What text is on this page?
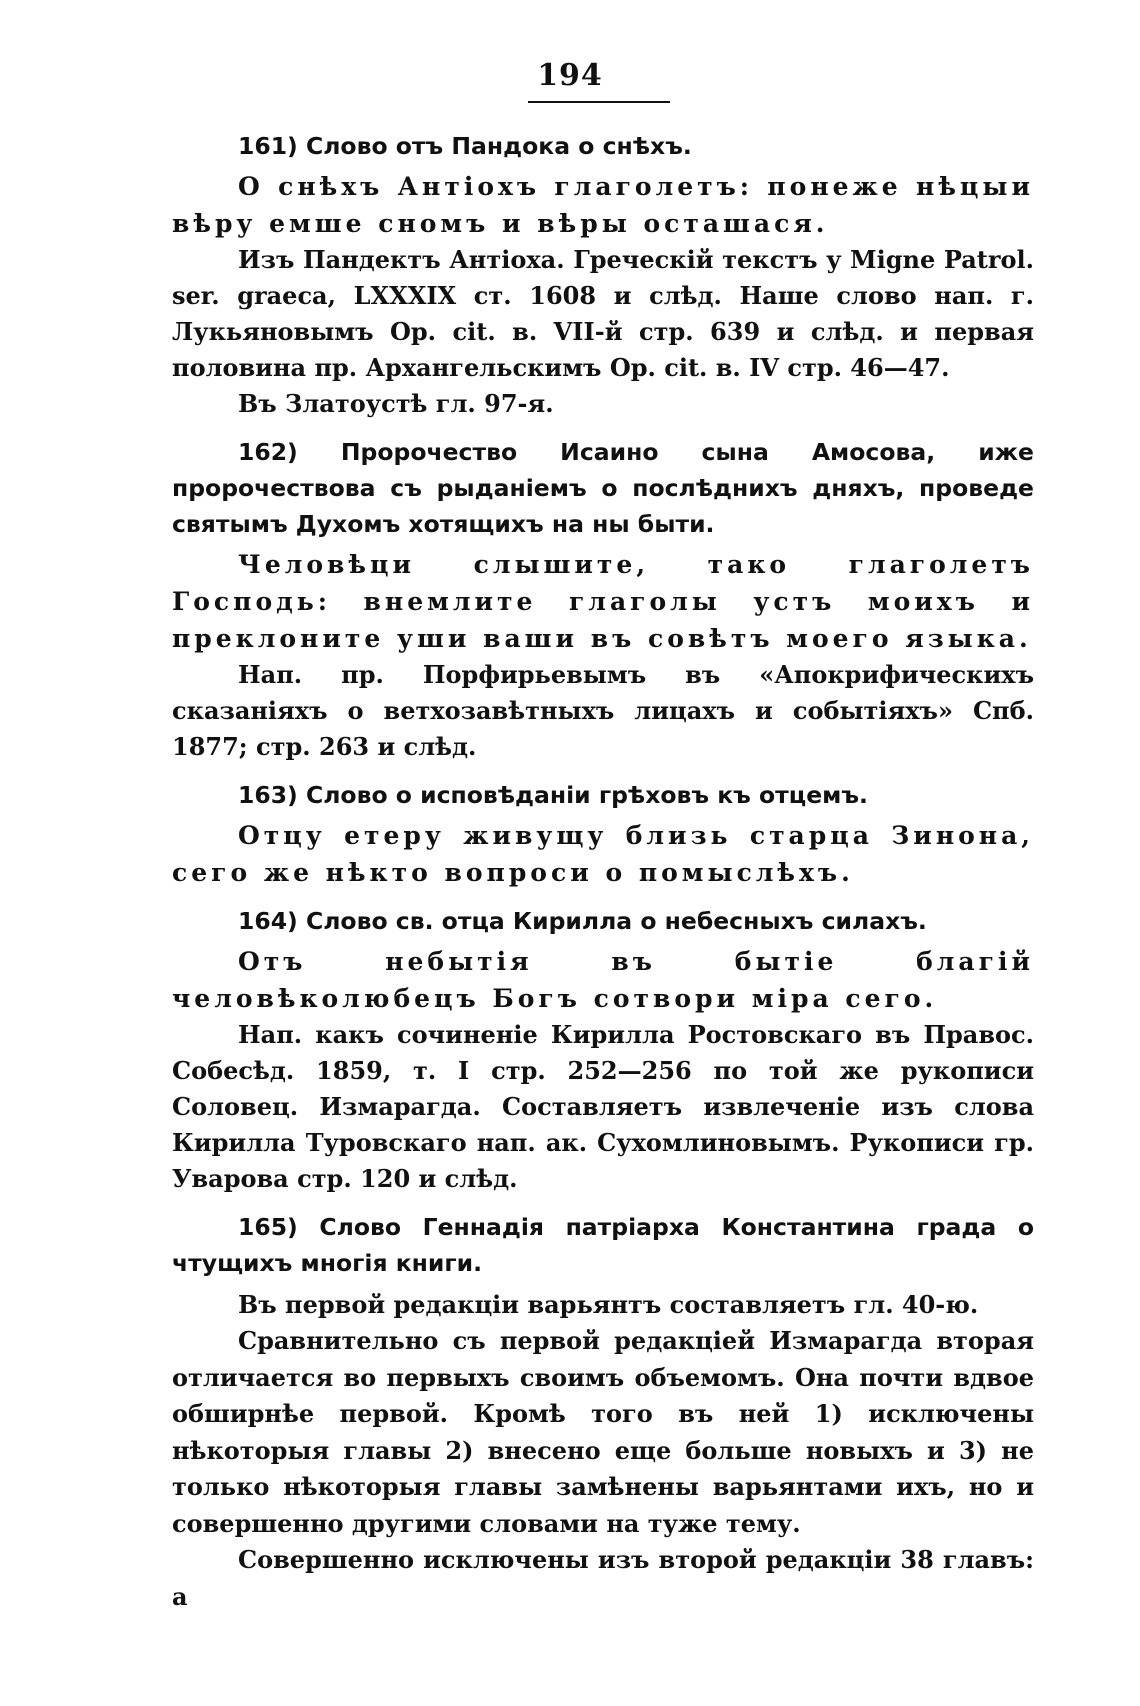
194

161) Слово отъ Пандока о снѣхъ.

О снѣхъ Антіохъ глаголетъ: понеже нѣцыи вѣру емше сномъ и вѣры осташася.

Изъ Пандектъ Антіоха. Греческій текстъ у Migne Patrol. ser. graeca, LXXXIX ст. 1608 и слѣд. Наше слово нап. г. Лукьяновымъ Op. cit. в. VII-й стр. 639 и слѣд. и первая половина пр. Архангельскимъ Op. cit. в. IV стр. 46—47.

Въ Златоустѣ гл. 97-я.

162) Пророчество Исаино сына Амосова, иже пророчествова съ рыданіемъ о послѣднихъ дняхъ, проведе святымъ Духомъ хотящихъ на ны быти.

Человѣци слышите, тако глаголетъ Господь: внемлите глаголы устъ моихъ и преклоните уши ваши въ совѣтъ моего языка.

Нап. пр. Порфирьевымъ въ «Апокрифическихъ сказаніяхъ о ветхозавѣтныхъ лицахъ и событіяхъ» Спб. 1877; стр. 263 и слѣд.

163) Слово о исповѣданіи грѣховъ къ отцемъ.

Отцу етеру живущу близь старца Зинона, сего же нѣкто вопроси о помыслѣхъ.

164) Слово св. отца Кирилла о небесныхъ силахъ.

Отъ небытія въ бытіе благій человѣколюбецъ Богъ сотвори міра сего.

Нап. какъ сочиненіе Кирилла Ростовскаго въ Правос. Собесѣд. 1859, т. I стр. 252—256 по той же рукописи Соловец. Измарагда. Составляетъ извлеченіе изъ слова Кирилла Туровскаго нап. ак. Сухомлиновымъ. Рукописи гр. Уварова стр. 120 и слѣд.

165) Слово Геннадія патріарха Константина града о чтущихъ многія книги.

Въ первой редакціи варьянтъ составляетъ гл. 40-ю.

Сравнительно съ первой редакціей Измарагда вторая отличается во первыхъ своимъ объемомъ. Она почти вдвое обширнѣе первой. Кромѣ того въ ней 1) исключены нѣкоторыя главы 2) внесено еще больше новыхъ и 3) не только нѣкоторыя главы замѣнены варьянтами ихъ, но и совершенно другими словами на туже тему.

Совершенно исключены изъ второй редакціи 38 главъ: а
